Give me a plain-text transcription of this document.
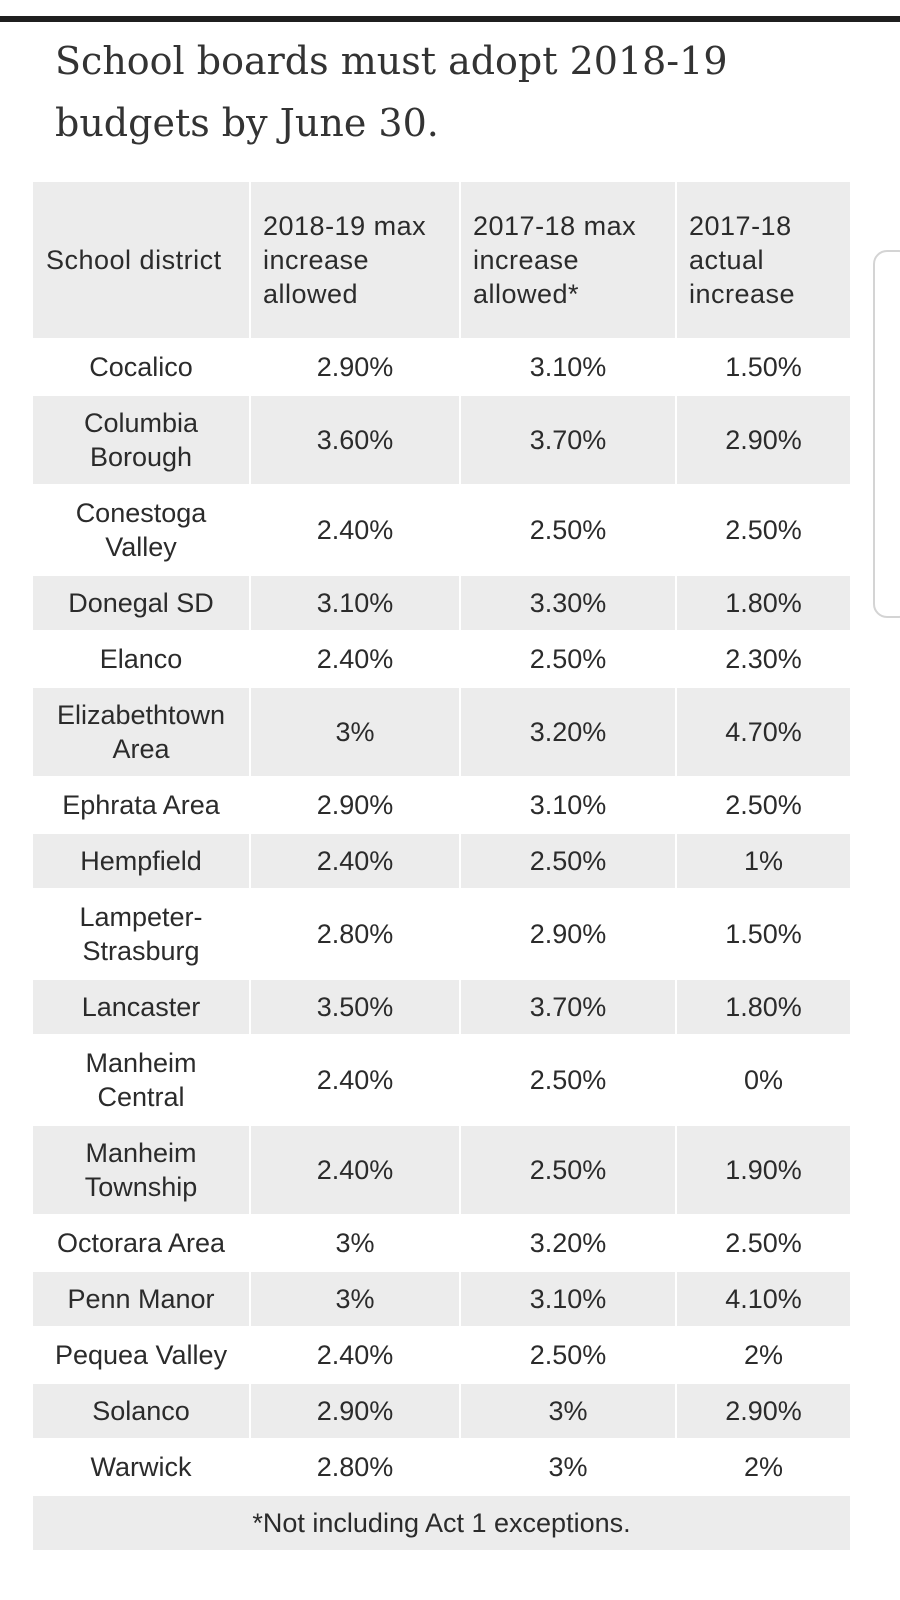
School boards must adopt 2018-19 budgets by June 30.
School district	2018-19 max increase allowed	2017-18 max increase allowed*	2017-18 actual increase
Cocalico	2.90%	3.10%	1.50%
Columbia Borough	3.60%	3.70%	2.90%
Conestoga Valley	2.40%	2.50%	2.50%
Donegal SD	3.10%	3.30%	1.80%
Elanco	2.40%	2.50%	2.30%
Elizabethtown Area	3%	3.20%	4.70%
Ephrata Area	2.90%	3.10%	2.50%
Hempfield	2.40%	2.50%	1%
Lampeter-Strasburg	2.80%	2.90%	1.50%
Lancaster	3.50%	3.70%	1.80%
Manheim Central	2.40%	2.50%	0%
Manheim Township	2.40%	2.50%	1.90%
Octorara Area	3%	3.20%	2.50%
Penn Manor	3%	3.10%	4.10%
Pequea Valley	2.40%	2.50%	2%
Solanco	2.90%	3%	2.90%
Warwick	2.80%	3%	2%
*Not including Act 1 exceptions.			
